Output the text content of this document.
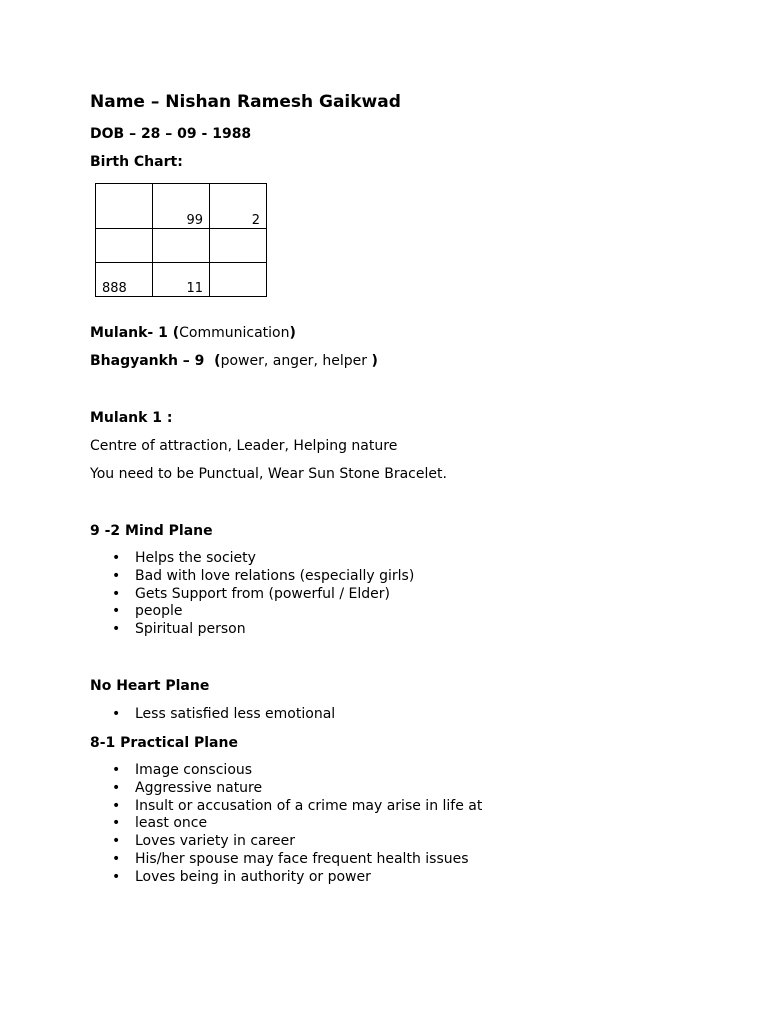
Name – Nishan Ramesh Gaikwad
DOB – 28 – 09 - 1988
Birth Chart:
	99	2

888	11	
Mulank- 1 (Communication)
Bhagyankh – 9  (power, anger, helper )
Mulank 1 :
Centre of attraction, Leader, Helping nature
You need to be Punctual, Wear Sun Stone Bracelet.
9 -2 Mind Plane
• Helps the society
• Bad with love relations (especially girls)
• Gets Support from (powerful / Elder)
• people
• Spiritual person
No Heart Plane
• Less satisfied less emotional
8-1 Practical Plane
• Image conscious
• Aggressive nature
• Insult or accusation of a crime may arise in life at
• least once
• Loves variety in career
• His/her spouse may face frequent health issues
• Loves being in authority or power
